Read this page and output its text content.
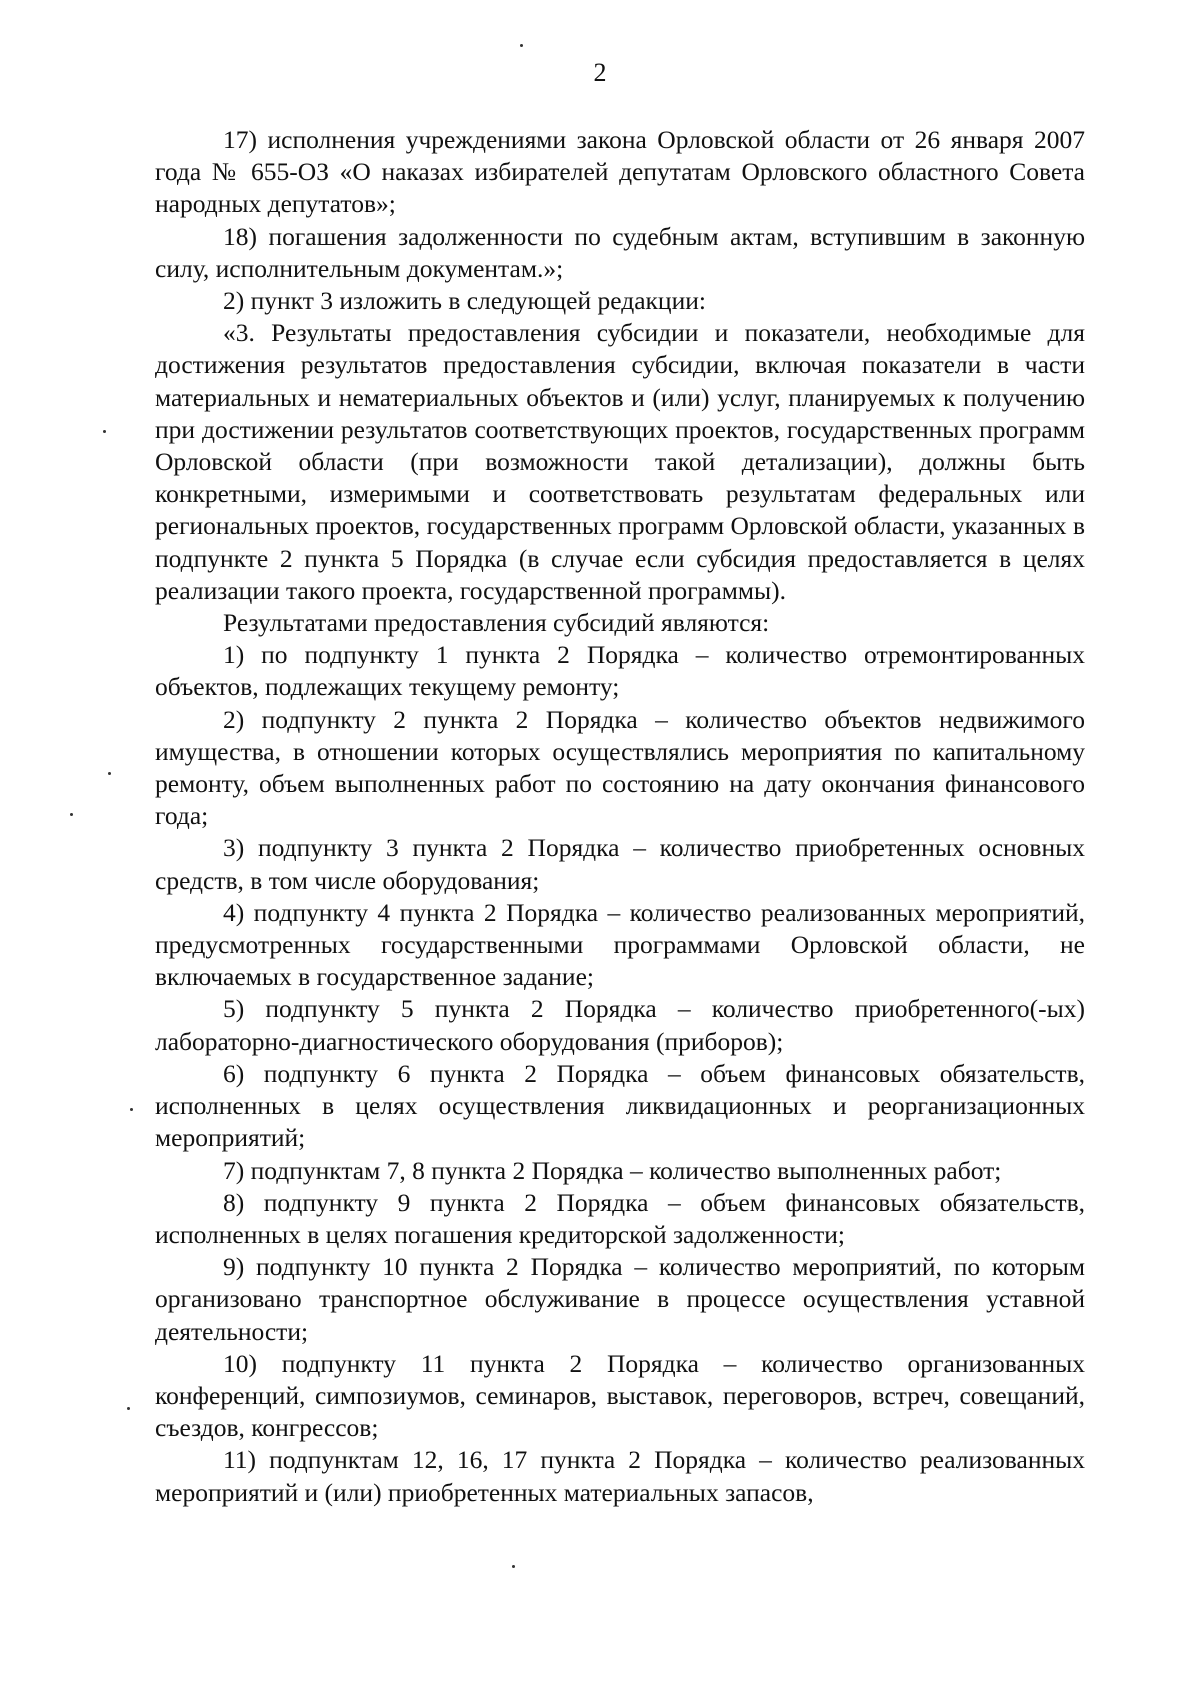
2

17) исполнения учреждениями закона Орловской области от 26 января 2007 года № 655-ОЗ «О наказах избирателей депутатам Орловского областного Совета народных депутатов»;

18) погашения задолженности по судебным актам, вступившим в законную силу, исполнительным документам.»;

2) пункт 3 изложить в следующей редакции:

«3. Результаты предоставления субсидии и показатели, необходимые для достижения результатов предоставления субсидии, включая показатели в части материальных и нематериальных объектов и (или) услуг, планируемых к получению при достижении результатов соответствующих проектов, государственных программ Орловской области (при возможности такой детализации), должны быть конкретными, измеримыми и соответствовать результатам федеральных или региональных проектов, государственных программ Орловской области, указанных в подпункте 2 пункта 5 Порядка (в случае если субсидия предоставляется в целях реализации такого проекта, государственной программы).

Результатами предоставления субсидий являются:

1) по подпункту 1 пункта 2 Порядка – количество отремонтированных объектов, подлежащих текущему ремонту;

2) подпункту 2 пункта 2 Порядка – количество объектов недвижимого имущества, в отношении которых осуществлялись мероприятия по капитальному ремонту, объем выполненных работ по состоянию на дату окончания финансового года;

3) подпункту 3 пункта 2 Порядка – количество приобретенных основных средств, в том числе оборудования;

4) подпункту 4 пункта 2 Порядка – количество реализованных мероприятий, предусмотренных государственными программами Орловской области, не включаемых в государственное задание;

5) подпункту 5 пункта 2 Порядка – количество приобретенного(-ых) лабораторно-диагностического оборудования (приборов);

6) подпункту 6 пункта 2 Порядка – объем финансовых обязательств, исполненных в целях осуществления ликвидационных и реорганизационных мероприятий;

7) подпунктам 7, 8 пункта 2 Порядка – количество выполненных работ;

8) подпункту 9 пункта 2 Порядка – объем финансовых обязательств, исполненных в целях погашения кредиторской задолженности;

9) подпункту 10 пункта 2 Порядка – количество мероприятий, по которым организовано транспортное обслуживание в процессе осуществления уставной деятельности;

10) подпункту 11 пункта 2 Порядка – количество организованных конференций, симпозиумов, семинаров, выставок, переговоров, встреч, совещаний, съездов, конгрессов;

11) подпунктам 12, 16, 17 пункта 2 Порядка – количество реализованных мероприятий и (или) приобретенных материальных запасов,
